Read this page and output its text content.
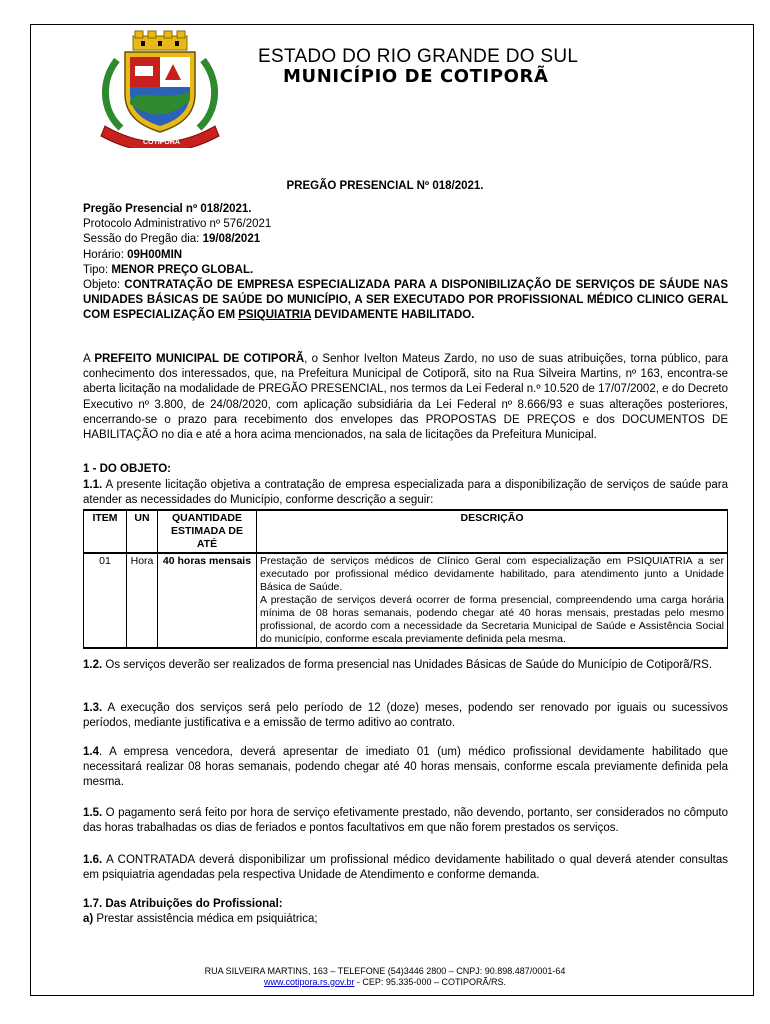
17-03	1963
COTIPORÃ
ESTADO DO RIO GRANDE DO SUL
MUNICÍPIO DE COTIPORÃ
PREGÃO PRESENCIAL Nº 018/2021.
Pregão Presencial nº 018/2021.
Protocolo Administrativo nº 576/2021
Sessão do Pregão dia: 19/08/2021
Horário: 09H00MIN
Tipo: MENOR PREÇO GLOBAL.
Objeto: CONTRATAÇÃO DE EMPRESA ESPECIALIZADA PARA A DISPONIBILIZAÇÃO DE SERVIÇOS DE SÁUDE NAS UNIDADES BÁSICAS DE SAÚDE DO MUNICÍPIO, A SER EXECUTADO POR PROFISSIONAL MÉDICO CLINICO GERAL COM ESPECIALIZAÇÃO EM PSIQUIATRIA DEVIDAMENTE HABILITADO.
A PREFEITO MUNICIPAL DE COTIPORÃ, o Senhor Ivelton Mateus Zardo, no uso de suas atribuições, torna público, para conhecimento dos interessados, que, na Prefeitura Municipal de Cotiporã, sito na Rua Silveira Martins, nº 163, encontra-se aberta licitação na modalidade de PREGÃO PRESENCIAL, nos termos da Lei Federal n.º 10.520 de 17/07/2002, e do Decreto Executivo nº 3.800, de 24/08/2020, com aplicação subsidiária da Lei Federal nº 8.666/93 e suas alterações posteriores, encerrando-se o prazo para recebimento dos envelopes das PROPOSTAS DE PREÇOS e dos DOCUMENTOS DE HABILITAÇÃO no dia e até a hora acima mencionados, na sala de licitações da Prefeitura Municipal.
1 - DO OBJETO:
1.1. A presente licitação objetiva a contratação de empresa especializada para a disponibilização de serviços de saúde para atender as necessidades do Município, conforme descrição a seguir:
ITEM	UN	QUANTIDADE ESTIMADA DE ATÉ	DESCRIÇÃO
01	Hora	40 horas mensais	Prestação de serviços médicos de Clínico Geral com especialização em PSIQUIATRIA a ser executado por profissional médico devidamente habilitado, para atendimento junto a Unidade Básica de Saúde.

A prestação de serviços deverá ocorrer de forma presencial, compreendendo uma carga horária mínima de 08 horas semanais, podendo chegar até 40 horas mensais, prestadas pelo mesmo profissional, de acordo com a necessidade da Secretaria Municipal de Saúde e Assistência Social do município, conforme escala previamente definida pela mesma.

1.2. Os serviços deverão ser realizados de forma presencial nas Unidades Básicas de Saúde do Município de Cotiporã/RS.
1.3. A execução dos serviços será pelo período de 12 (doze) meses, podendo ser renovado por iguais ou sucessivos períodos, mediante justificativa e a emissão de termo aditivo ao contrato.
1.4. A empresa vencedora, deverá apresentar de imediato 01 (um) médico profissional devidamente habilitado que necessitará realizar 08 horas semanais, podendo chegar até 40 horas mensais, conforme escala previamente definida pela mesma.
1.5. O pagamento será feito por hora de serviço efetivamente prestado, não devendo, portanto, ser considerados no cômputo das horas trabalhadas os dias de feriados e pontos facultativos em que não forem prestados os serviços.
1.6. A CONTRATADA deverá disponibilizar um profissional médico devidamente habilitado o qual deverá atender consultas em psiquiatria agendadas pela respectiva Unidade de Atendimento e conforme demanda.
1.7. Das Atribuições do Profissional:
a) Prestar assistência médica em psiquiátrica;
RUA SILVEIRA MARTINS, 163 – TELEFONE (54)3446 2800 – CNPJ: 90.898.487/0001-64
www.cotipora.rs.gov.br - CEP: 95.335-000 – COTIPORÃ/RS.
